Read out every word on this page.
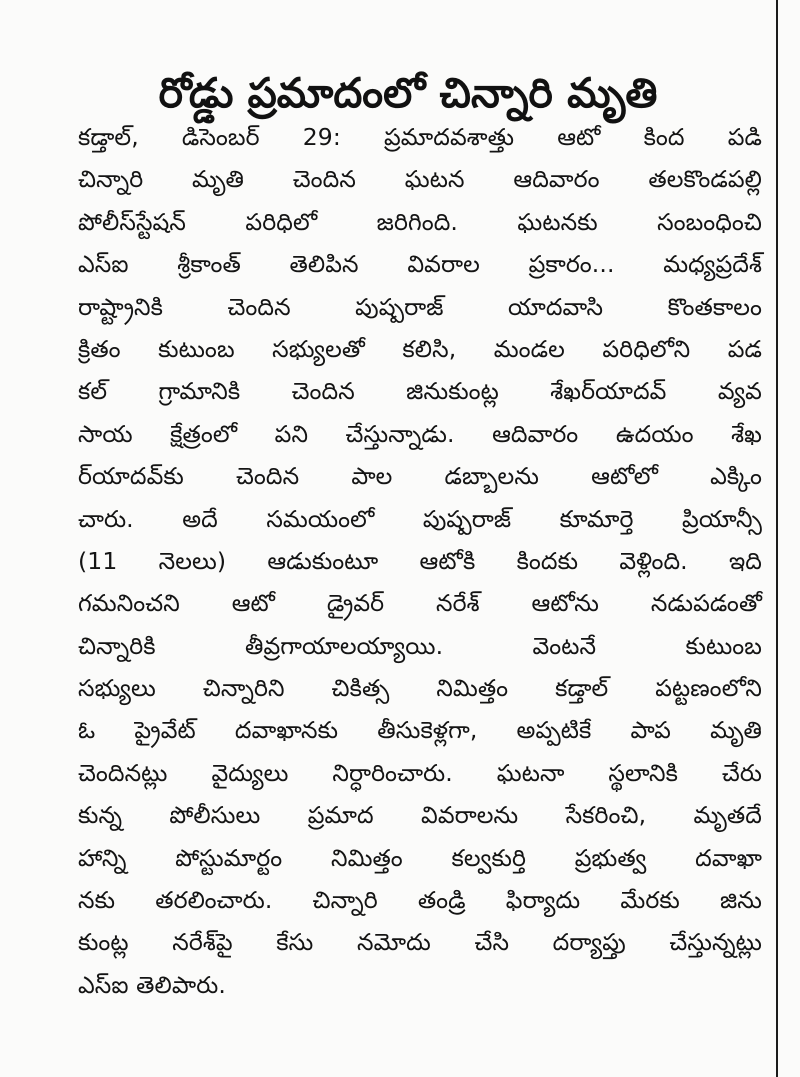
రోడ్డు ప్రమాదంలో చిన్నారి మృతి
కడ్తాల్, డిసెంబర్ 29: ప్రమాదవశాత్తు ఆటో కింద పడి
చిన్నారి మృతి చెందిన ఘటన ఆదివారం తలకొండపల్లి
పోలీస్‌స్టేషన్ పరిధిలో జరిగింది. ఘటనకు సంబంధించి
ఎస్ఐ శ్రీకాంత్ తెలిపిన వివరాల ప్రకారం... మధ్యప్రదేశ్
రాష్ట్రానికి చెందిన పుష్పరాజ్ యాదవాసి కొంతకాలం
క్రితం కుటుంబ సభ్యులతో కలిసి, మండల పరిధిలోని పడ
కల్ గ్రామానికి చెందిన జినుకుంట్ల శేఖర్‌యాదవ్ వ్యవ
సాయ క్షేత్రంలో పని చేస్తున్నాడు. ఆదివారం ఉదయం శేఖ
ర్‌యాదవ్‌కు చెందిన పాల డబ్బాలను ఆటోలో ఎక్కిం
చారు. అదే సమయంలో పుష్పరాజ్ కూమార్తె ప్రియాన్సీ
(11 నెలలు) ఆడుకుంటూ ఆటోకి కిందకు వెళ్లింది. ఇది
గమనించని ఆటో డ్రైవర్ నరేశ్ ఆటోను నడుపడంతో
చిన్నారికి తీవ్రగాయాలయ్యాయి. వెంటనే కుటుంబ
సభ్యులు చిన్నారిని చికిత్స నిమిత్తం కడ్తాల్ పట్టణంలోని
ఓ ప్రైవేట్ దవాఖానకు తీసుకెళ్లగా, అప్పటికే పాప మృతి
చెందినట్లు వైద్యులు నిర్ధారించారు. ఘటనా స్థలానికి చేరు
కున్న పోలీసులు ప్రమాద వివరాలను సేకరించి, మృతదే
హాన్ని పోస్టుమార్టం నిమిత్తం కల్వకుర్తి ప్రభుత్వ దవాఖా
నకు తరలించారు. చిన్నారి తండ్రి ఫిర్యాదు మేరకు జిను
కుంట్ల నరేశ్‌పై కేసు నమోదు చేసి దర్యాప్తు చేస్తున్నట్లు
ఎస్ఐ తెలిపారు.
